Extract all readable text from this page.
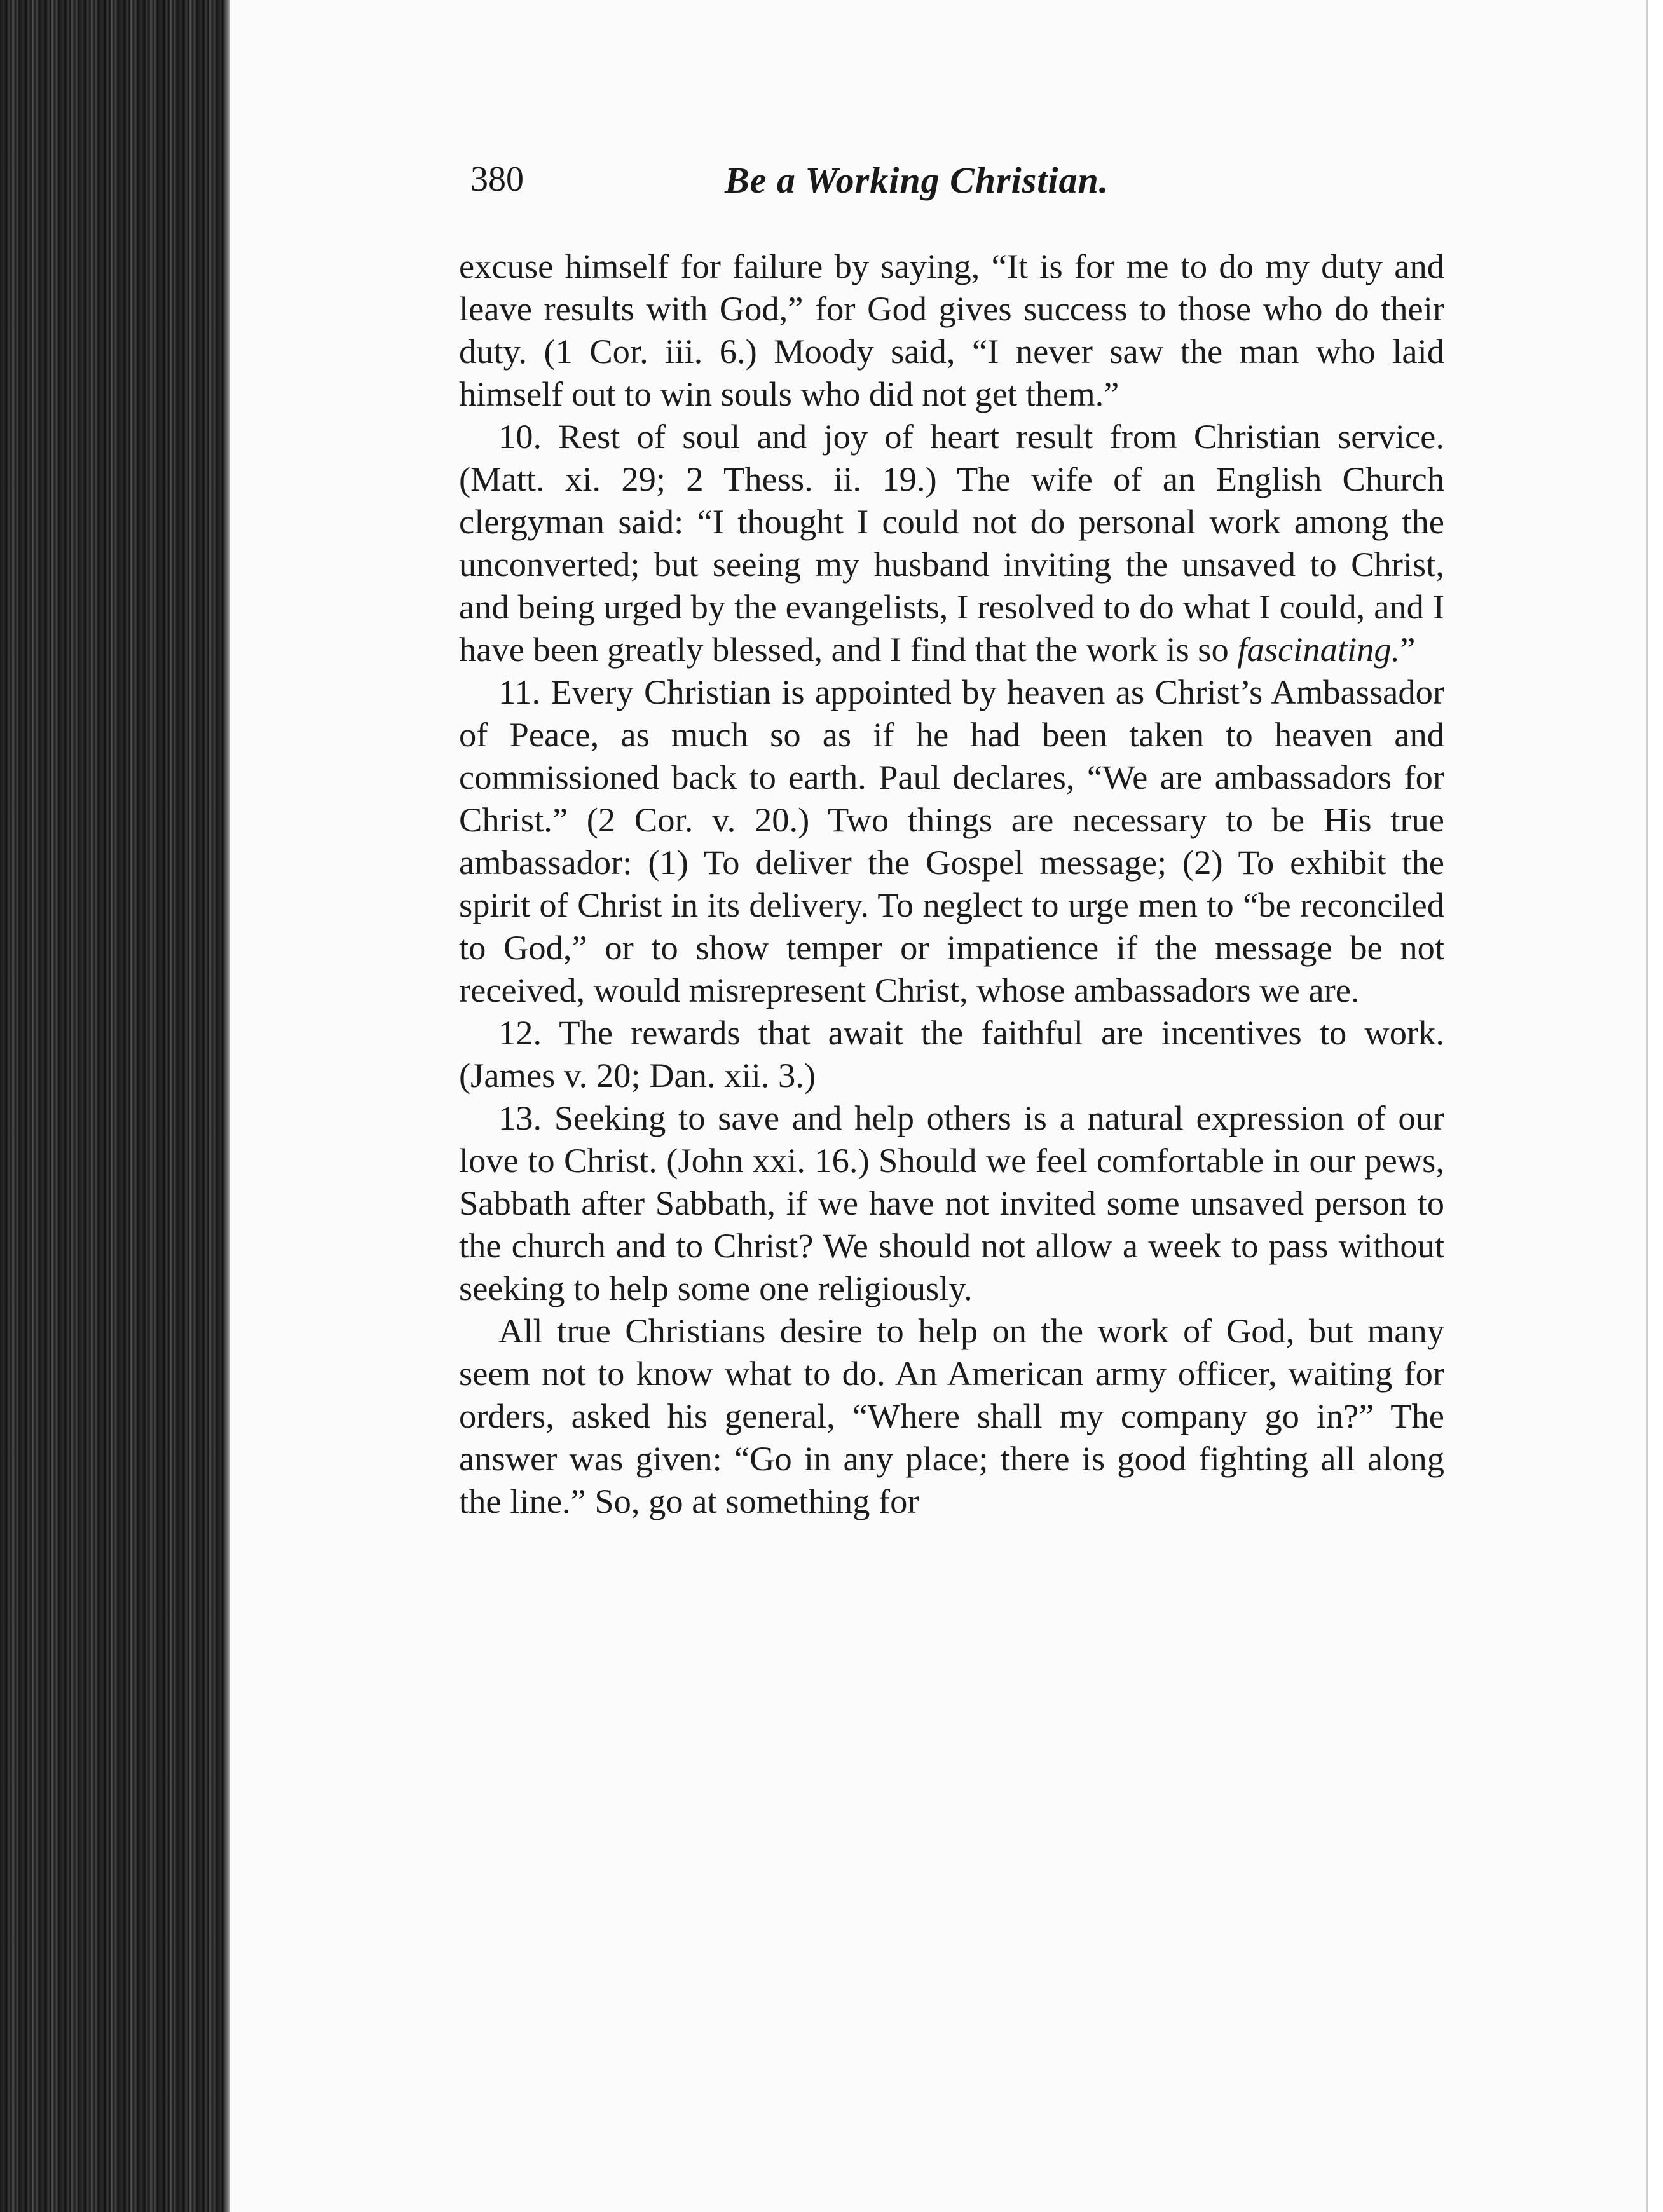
380	Be a Working Christian.

excuse himself for failure by saying, “It is for me to do my duty and leave results with God,” for God gives success to those who do their duty. (1 Cor. iii. 6.) Moody said, “I never saw the man who laid himself out to win souls who did not get them.”

10. Rest of soul and joy of heart result from Christian service. (Matt. xi. 29; 2 Thess. ii. 19.) The wife of an English Church clergyman said: “I thought I could not do personal work among the unconverted; but seeing my husband inviting the unsaved to Christ, and being urged by the evangelists, I resolved to do what I could, and I have been greatly blessed, and I find that the work is so fascinating.”

11. Every Christian is appointed by heaven as Christ’s Ambassador of Peace, as much so as if he had been taken to heaven and commissioned back to earth. Paul declares, “We are ambassadors for Christ.” (2 Cor. v. 20.) Two things are necessary to be His true ambassador: (1) To deliver the Gospel message; (2) To exhibit the spirit of Christ in its delivery. To neglect to urge men to “be reconciled to God,” or to show temper or impatience if the message be not received, would misrepresent Christ, whose ambassadors we are.

12. The rewards that await the faithful are incentives to work. (James v. 20; Dan. xii. 3.)

13. Seeking to save and help others is a natural expression of our love to Christ. (John xxi. 16.) Should we feel comfortable in our pews, Sabbath after Sabbath, if we have not invited some unsaved person to the church and to Christ? We should not allow a week to pass without seeking to help some one religiously.

All true Christians desire to help on the work of God, but many seem not to know what to do. An American army officer, waiting for orders, asked his general, “Where shall my company go in?” The answer was given: “Go in any place; there is good fighting all along the line.” So, go at something for
